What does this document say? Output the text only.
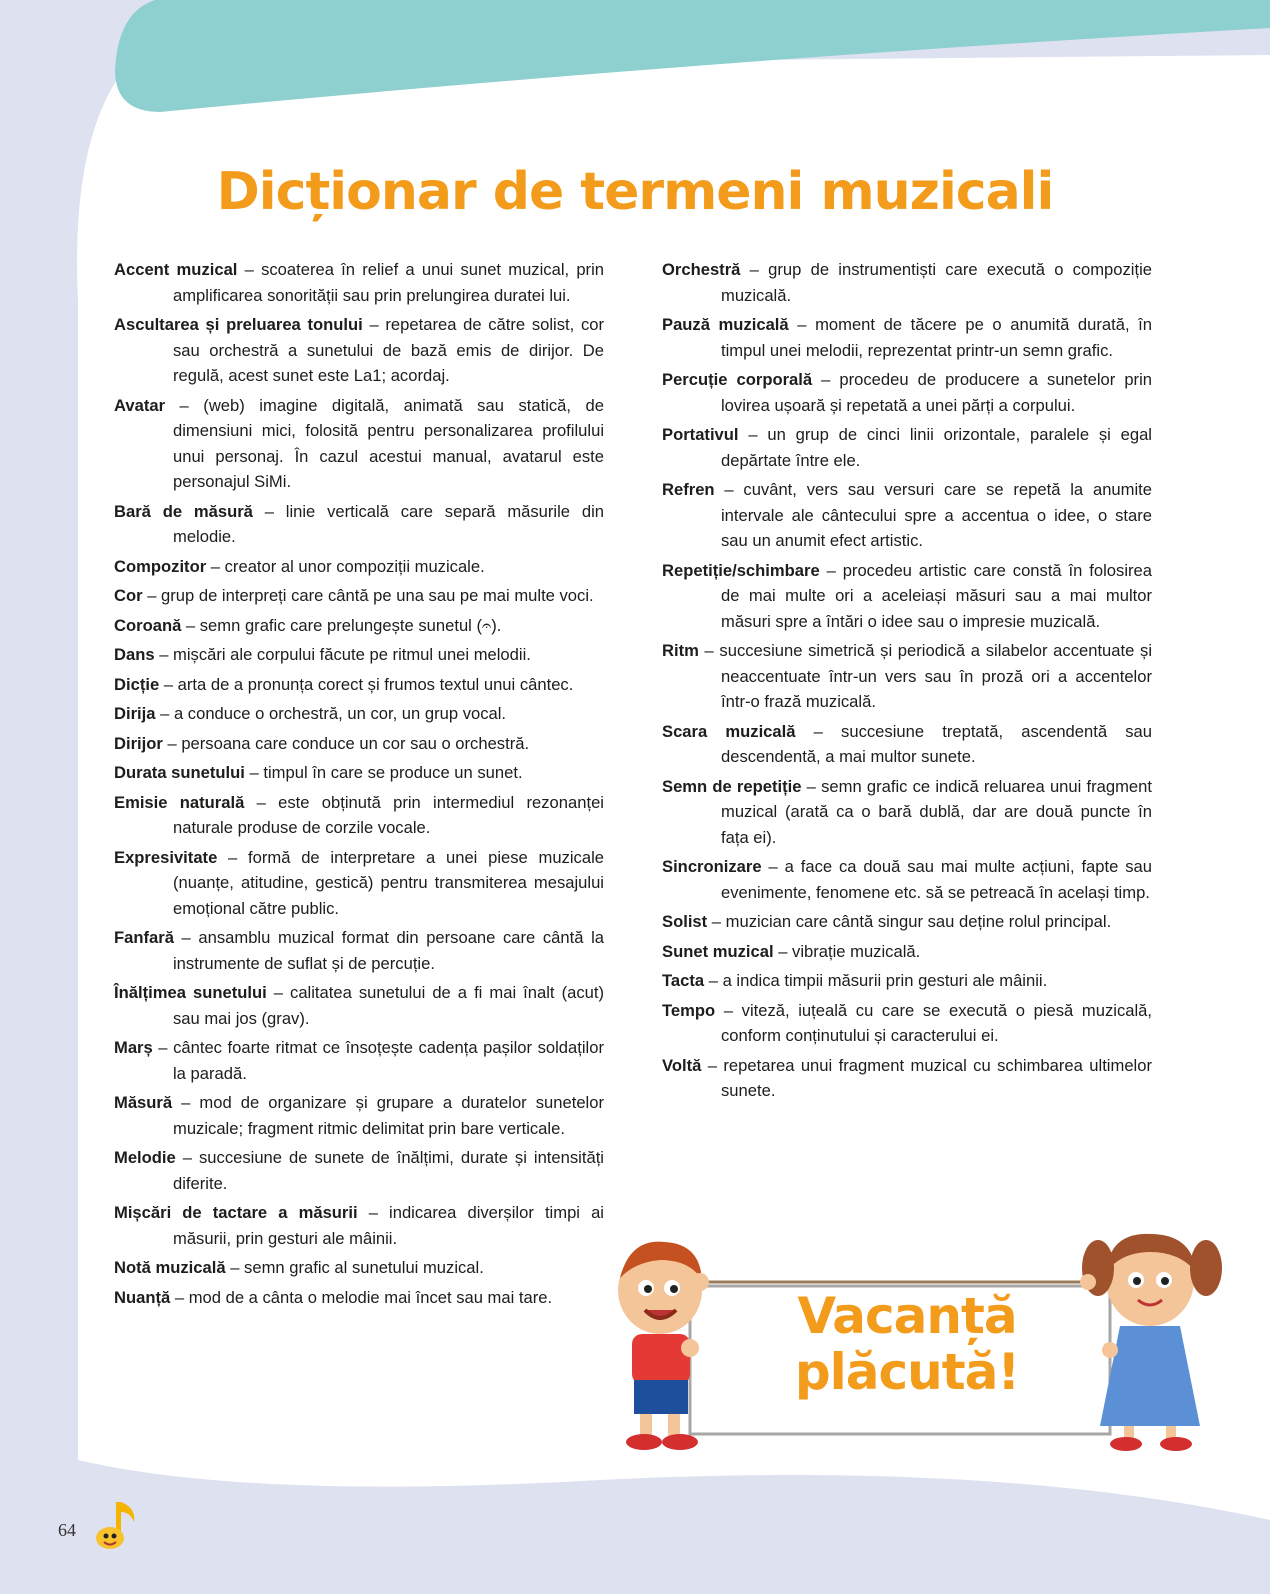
Dicționar de termeni muzicali

Accent muzical – scoaterea în relief a unui sunet muzical, prin amplificarea sonorității sau prin prelungirea duratei lui.

Ascultarea și preluarea tonului – repetarea de către solist, cor sau orchestră a sunetului de bază emis de dirijor. De regulă, acest sunet este La1; acordaj.

Avatar – (web) imagine digitală, animată sau statică, de dimensiuni mici, folosită pentru personalizarea profilului unui personaj. În cazul acestui manual, avatarul este personajul SiMi.

Bară de măsură – linie verticală care separă măsurile din melodie.

Compozitor – creator al unor compoziții muzicale.

Cor – grup de interpreți care cântă pe una sau pe mai multe voci.

Coroană – semn grafic care prelungește sunetul (𝄐).

Dans – mișcări ale corpului făcute pe ritmul unei melodii.

Dicție – arta de a pronunța corect și frumos textul unui cântec.

Dirija – a conduce o orchestră, un cor, un grup vocal.

Dirijor – persoana care conduce un cor sau o orchestră.

Durata sunetului – timpul în care se produce un sunet.

Emisie naturală – este obținută prin intermediul rezonanței naturale produse de corzile vocale.

Expresivitate – formă de interpretare a unei piese muzicale (nuanțe, atitudine, gestică) pentru transmiterea mesajului emoțional către public.

Fanfară – ansamblu muzical format din persoane care cântă la instrumente de suflat și de percuție.

Înălțimea sunetului – calitatea sunetului de a fi mai înalt (acut) sau mai jos (grav).

Marș – cântec foarte ritmat ce însoțește cadența pașilor soldaților la paradă.

Măsură – mod de organizare și grupare a duratelor sunetelor muzicale; fragment ritmic delimitat prin bare verticale.

Melodie – succesiune de sunete de înălțimi, durate și intensități diferite.

Mișcări de tactare a măsurii – indicarea diverșilor timpi ai măsurii, prin gesturi ale mâinii.

Notă muzicală – semn grafic al sunetului muzical.

Nuanță – mod de a cânta o melodie mai încet sau mai tare.

Orchestră – grup de instrumentiști care execută o compoziție muzicală.

Pauză muzicală – moment de tăcere pe o anumită durată, în timpul unei melodii, reprezentat printr-un semn grafic.

Percuție corporală – procedeu de producere a sunetelor prin lovirea ușoară și repetată a unei părți a corpului.

Portativul – un grup de cinci linii orizontale, paralele și egal depărtate între ele.

Refren – cuvânt, vers sau versuri care se repetă la anumite intervale ale cântecului spre a accentua o idee, o stare sau un anumit efect artistic.

Repetiție/schimbare – procedeu artistic care constă în folosirea de mai multe ori a aceleiași măsuri sau a mai multor măsuri spre a întări o idee sau o impresie muzicală.

Ritm – succesiune simetrică și periodică a silabelor accentuate și neaccentuate într-un vers sau în proză ori a accentelor într-o frază muzicală.

Scara muzicală – succesiune treptată, ascendentă sau descendentă, a mai multor sunete.

Semn de repetiție – semn grafic ce indică reluarea unui fragment muzical (arată ca o bară dublă, dar are două puncte în fața ei).

Sincronizare – a face ca două sau mai multe acțiuni, fapte sau evenimente, fenomene etc. să se petreacă în același timp.

Solist – muzician care cântă singur sau deține rolul principal.

Sunet muzical – vibrație muzicală.

Tacta – a indica timpii măsurii prin gesturi ale mâinii.

Tempo – viteză, iuțeală cu care se execută o piesă muzicală, conform conținutului și caracterului ei.

Voltă – repetarea unui fragment muzical cu schimbarea ultimelor sunete.

Vacanță
plăcută!
64
